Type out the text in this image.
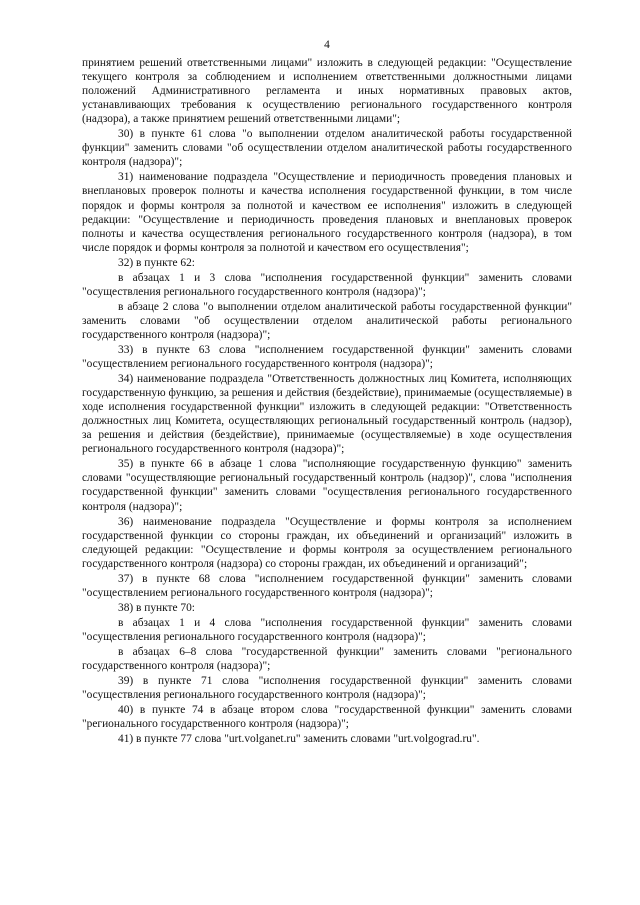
4

принятием решений ответственными лицами" изложить в следующей редакции: "Осуществление текущего контроля за соблюдением и исполнением ответственными должностными лицами положений Административного регламента и иных нормативных правовых актов, устанавливающих требования к осуществлению регионального государственного контроля (надзора), а также принятием решений ответственными лицами";

30) в пункте 61 слова "о выполнении отделом аналитической работы государственной функции" заменить словами "об осуществлении отделом аналитической работы государственного контроля (надзора)";

31) наименование подраздела "Осуществление и периодичность проведения плановых и внеплановых проверок полноты и качества исполнения государственной функции, в том числе порядок и формы контроля за полнотой и качеством ее исполнения" изложить в следующей редакции: "Осуществление и периодичность проведения плановых и внеплановых проверок полноты и качества осуществления регионального государственного контроля (надзора), в том числе порядок и формы контроля за полнотой и качеством его осуществления";

32) в пункте 62:

в абзацах 1 и 3 слова "исполнения государственной функции" заменить словами "осуществления регионального государственного контроля (надзора)";

в абзаце 2 слова "о выполнении отделом аналитической работы государственной функции" заменить словами "об осуществлении отделом аналитической работы регионального государственного контроля (надзора)";

33) в пункте 63 слова "исполнением государственной функции" заменить словами "осуществлением регионального государственного контроля (надзора)";

34) наименование подраздела "Ответственность должностных лиц Комитета, исполняющих государственную функцию, за решения и действия (бездействие), принимаемые (осуществляемые) в ходе исполнения государственной функции" изложить в следующей редакции: "Ответственность должностных лиц Комитета, осуществляющих региональный государственный контроль (надзор), за решения и действия (бездействие), принимаемые (осуществляемые) в ходе осуществления регионального государственного контроля (надзора)";

35) в пункте 66 в абзаце 1 слова "исполняющие государственную функцию" заменить словами "осуществляющие региональный государственный контроль (надзор)", слова "исполнения государственной функции" заменить словами "осуществления регионального государственного контроля (надзора)";

36) наименование подраздела "Осуществление и формы контроля за исполнением государственной функции со стороны граждан, их объединений и организаций" изложить в следующей редакции: "Осуществление и формы контроля за осуществлением регионального государственного контроля (надзора) со стороны граждан, их объединений и организаций";

37) в пункте 68 слова "исполнением государственной функции" заменить словами "осуществлением регионального государственного контроля (надзора)";

38) в пункте 70:

в абзацах 1 и 4 слова "исполнения государственной функции" заменить словами "осуществления регионального государственного контроля (надзора)";

в абзацах 6–8 слова "государственной функции" заменить словами "регионального государственного контроля (надзора)";

39) в пункте 71 слова "исполнения государственной функции" заменить словами "осуществления регионального государственного контроля (надзора)";

40) в пункте 74 в абзаце втором слова "государственной функции" заменить словами "регионального государственного контроля (надзора)";

41) в пункте 77 слова "urt.volganet.ru" заменить словами "urt.volgograd.ru".
